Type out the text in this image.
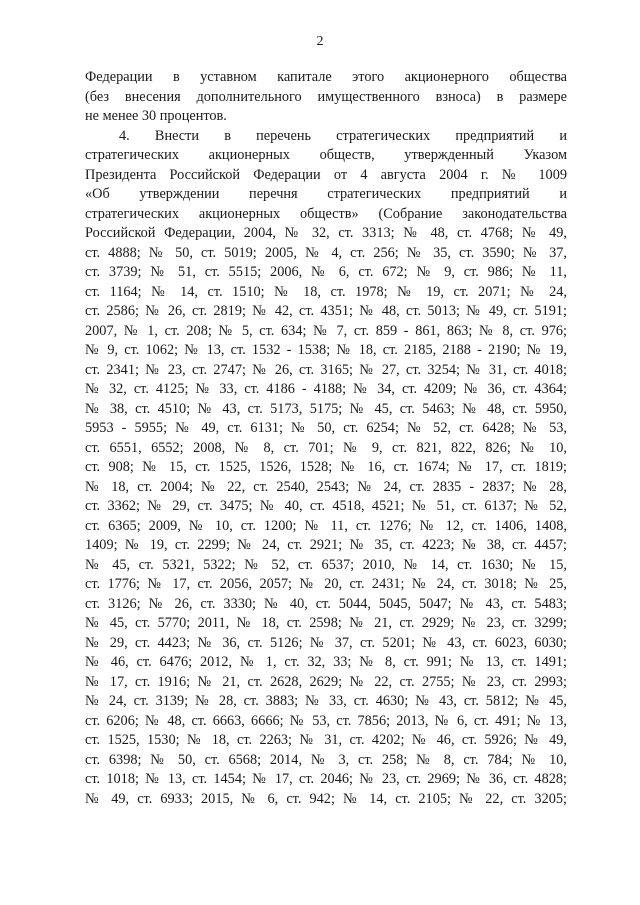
2
Федерации в уставном капитале этого акционерного общества
(без внесения дополнительного имущественного взноса) в размере
не менее 30 процентов.
4. Внести в перечень стратегических предприятий и
стратегических акционерных обществ, утвержденный Указом
Президента Российской Федерации от 4 августа 2004 г. № 1009
«Об утверждении перечня стратегических предприятий и
стратегических акционерных обществ» (Собрание законодательства
Российской Федерации, 2004, № 32, ст. 3313; № 48, ст. 4768; № 49,
ст. 4888; № 50, ст. 5019; 2005, № 4, ст. 256; № 35, ст. 3590; № 37,
ст. 3739; № 51, ст. 5515; 2006, № 6, ст. 672; № 9, ст. 986; № 11,
ст. 1164; № 14, ст. 1510; № 18, ст. 1978; № 19, ст. 2071; № 24,
ст. 2586; № 26, ст. 2819; № 42, ст. 4351; № 48, ст. 5013; № 49, ст. 5191;
2007, № 1, ст. 208; № 5, ст. 634; № 7, ст. 859 - 861, 863; № 8, ст. 976;
№ 9, ст. 1062; № 13, ст. 1532 - 1538; № 18, ст. 2185, 2188 - 2190; № 19,
ст. 2341; № 23, ст. 2747; № 26, ст. 3165; № 27, ст. 3254; № 31, ст. 4018;
№ 32, ст. 4125; № 33, ст. 4186 - 4188; № 34, ст. 4209; № 36, ст. 4364;
№ 38, ст. 4510; № 43, ст. 5173, 5175; № 45, ст. 5463; № 48, ст. 5950,
5953 - 5955; № 49, ст. 6131; № 50, ст. 6254; № 52, ст. 6428; № 53,
ст. 6551, 6552; 2008, № 8, ст. 701; № 9, ст. 821, 822, 826; № 10,
ст. 908; № 15, ст. 1525, 1526, 1528; № 16, ст. 1674; № 17, ст. 1819;
№ 18, ст. 2004; № 22, ст. 2540, 2543; № 24, ст. 2835 - 2837; № 28,
ст. 3362; № 29, ст. 3475; № 40, ст. 4518, 4521; № 51, ст. 6137; № 52,
ст. 6365; 2009, № 10, ст. 1200; № 11, ст. 1276; № 12, ст. 1406, 1408,
1409; № 19, ст. 2299; № 24, ст. 2921; № 35, ст. 4223; № 38, ст. 4457;
№ 45, ст. 5321, 5322; № 52, ст. 6537; 2010, № 14, ст. 1630; № 15,
ст. 1776; № 17, ст. 2056, 2057; № 20, ст. 2431; № 24, ст. 3018; № 25,
ст. 3126; № 26, ст. 3330; № 40, ст. 5044, 5045, 5047; № 43, ст. 5483;
№ 45, ст. 5770; 2011, № 18, ст. 2598; № 21, ст. 2929; № 23, ст. 3299;
№ 29, ст. 4423; № 36, ст. 5126; № 37, ст. 5201; № 43, ст. 6023, 6030;
№ 46, ст. 6476; 2012, № 1, ст. 32, 33; № 8, ст. 991; № 13, ст. 1491;
№ 17, ст. 1916; № 21, ст. 2628, 2629; № 22, ст. 2755; № 23, ст. 2993;
№ 24, ст. 3139; № 28, ст. 3883; № 33, ст. 4630; № 43, ст. 5812; № 45,
ст. 6206; № 48, ст. 6663, 6666; № 53, ст. 7856; 2013, № 6, ст. 491; № 13,
ст. 1525, 1530; № 18, ст. 2263; № 31, ст. 4202; № 46, ст. 5926; № 49,
ст. 6398; № 50, ст. 6568; 2014, № 3, ст. 258; № 8, ст. 784; № 10,
ст. 1018; № 13, ст. 1454; № 17, ст. 2046; № 23, ст. 2969; № 36, ст. 4828;
№ 49, ст. 6933; 2015, № 6, ст. 942; № 14, ст. 2105; № 22, ст. 3205;
